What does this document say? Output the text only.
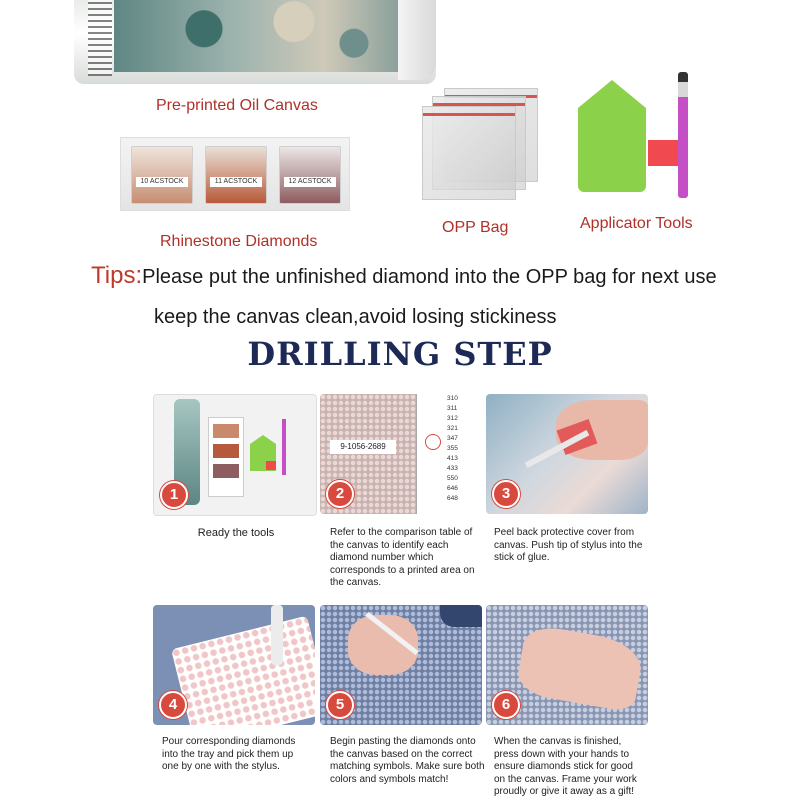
Pre-printed Oil Canvas
10 ACSTOCK	11 ACSTOCK	12 ACSTOCK
Rhinestone Diamonds
OPP Bag	Applicator Tools
Tips:Please put the unfinished diamond into the OPP bag for next use
keep the canvas clean,avoid losing stickiness
DRILLING STEP
1
Ready the tools
9-1056-2689
310
311
312
321
347
355
413
433
550
646
648
2
Refer to the comparison table of the canvas to identify each diamond number which corresponds to a printed area on the canvas.
3
Peel back protective cover from canvas. Push tip of stylus into the stick of glue.
4
Pour corresponding diamonds into the tray and pick them up one by one with the stylus.
5
Begin pasting the diamonds onto the canvas based on the correct matching symbols. Make sure both colors and symbols match!
6
When the canvas is finished, press down with your hands to ensure diamonds stick for good on the canvas. Frame your work proudly or give it away as a gift!
